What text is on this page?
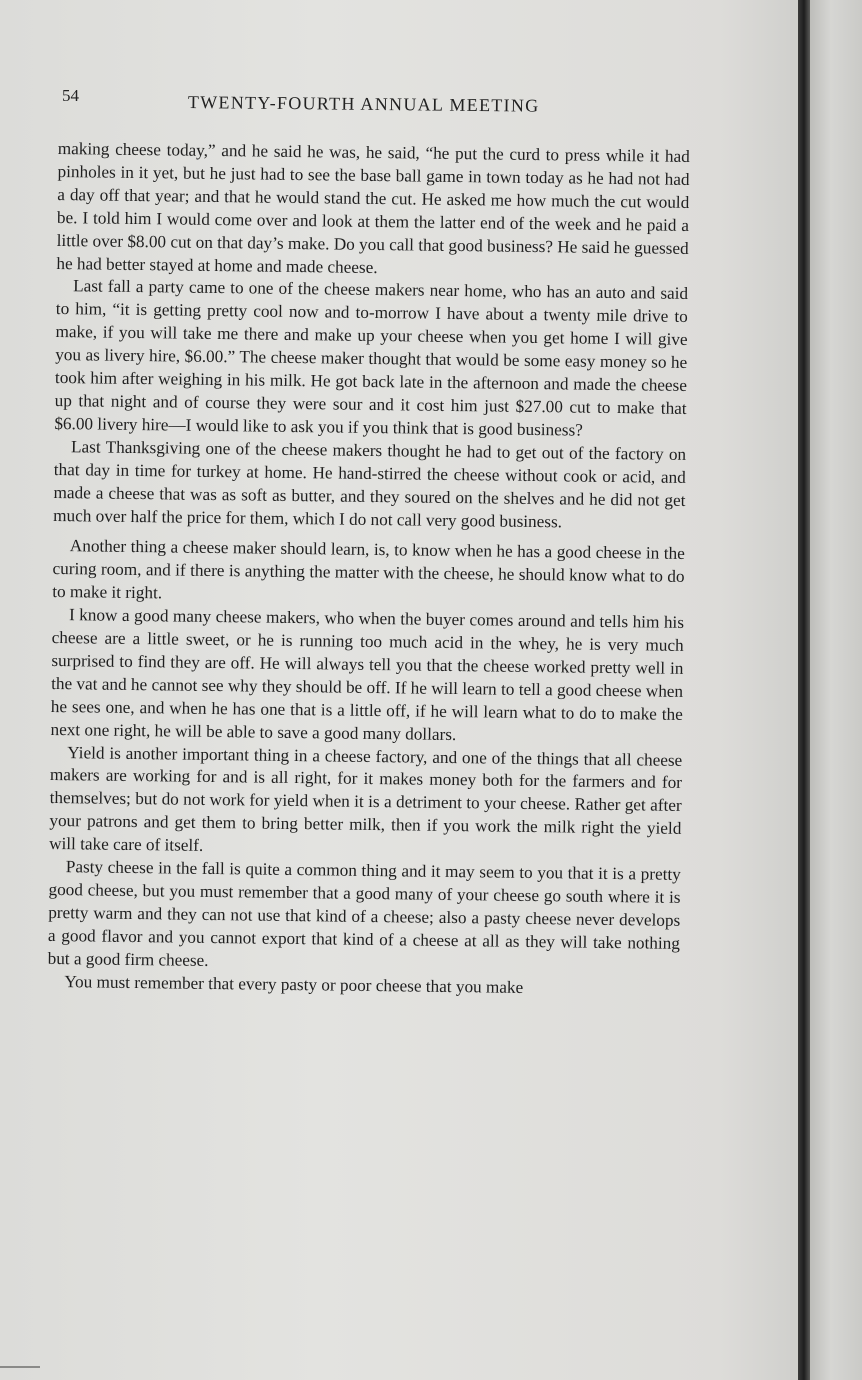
54	TWENTY-FOURTH ANNUAL MEETING

making cheese today,” and he said he was, he said, “he put the curd to press while it had pinholes in it yet, but he just had to see the base ball game in town today as he had not had a day off that year; and that he would stand the cut. He asked me how much the cut would be. I told him I would come over and look at them the latter end of the week and he paid a little over $8.00 cut on that day’s make. Do you call that good business? He said he guessed he had better stayed at home and made cheese.

Last fall a party came to one of the cheese makers near home, who has an auto and said to him, “it is getting pretty cool now and to-morrow I have about a twenty mile drive to make, if you will take me there and make up your cheese when you get home I will give you as livery hire, $6.00.” The cheese maker thought that would be some easy money so he took him after weighing in his milk. He got back late in the afternoon and made the cheese up that night and of course they were sour and it cost him just $27.00 cut to make that $6.00 livery hire—I would like to ask you if you think that is good business?

Last Thanksgiving one of the cheese makers thought he had to get out of the factory on that day in time for turkey at home. He hand-stirred the cheese without cook or acid, and made a cheese that was as soft as butter, and they soured on the shelves and he did not get much over half the price for them, which I do not call very good business.

Another thing a cheese maker should learn, is, to know when he has a good cheese in the curing room, and if there is anything the matter with the cheese, he should know what to do to make it right.

I know a good many cheese makers, who when the buyer comes around and tells him his cheese are a little sweet, or he is running too much acid in the whey, he is very much surprised to find they are off. He will always tell you that the cheese worked pretty well in the vat and he cannot see why they should be off. If he will learn to tell a good cheese when he sees one, and when he has one that is a little off, if he will learn what to do to make the next one right, he will be able to save a good many dollars.

Yield is another important thing in a cheese factory, and one of the things that all cheese makers are working for and is all right, for it makes money both for the farmers and for themselves; but do not work for yield when it is a detriment to your cheese. Rather get after your patrons and get them to bring better milk, then if you work the milk right the yield will take care of itself.

Pasty cheese in the fall is quite a common thing and it may seem to you that it is a pretty good cheese, but you must remember that a good many of your cheese go south where it is pretty warm and they can not use that kind of a cheese; also a pasty cheese never develops a good flavor and you cannot export that kind of a cheese at all as they will take nothing but a good firm cheese.

You must remember that every pasty or poor cheese that you make
